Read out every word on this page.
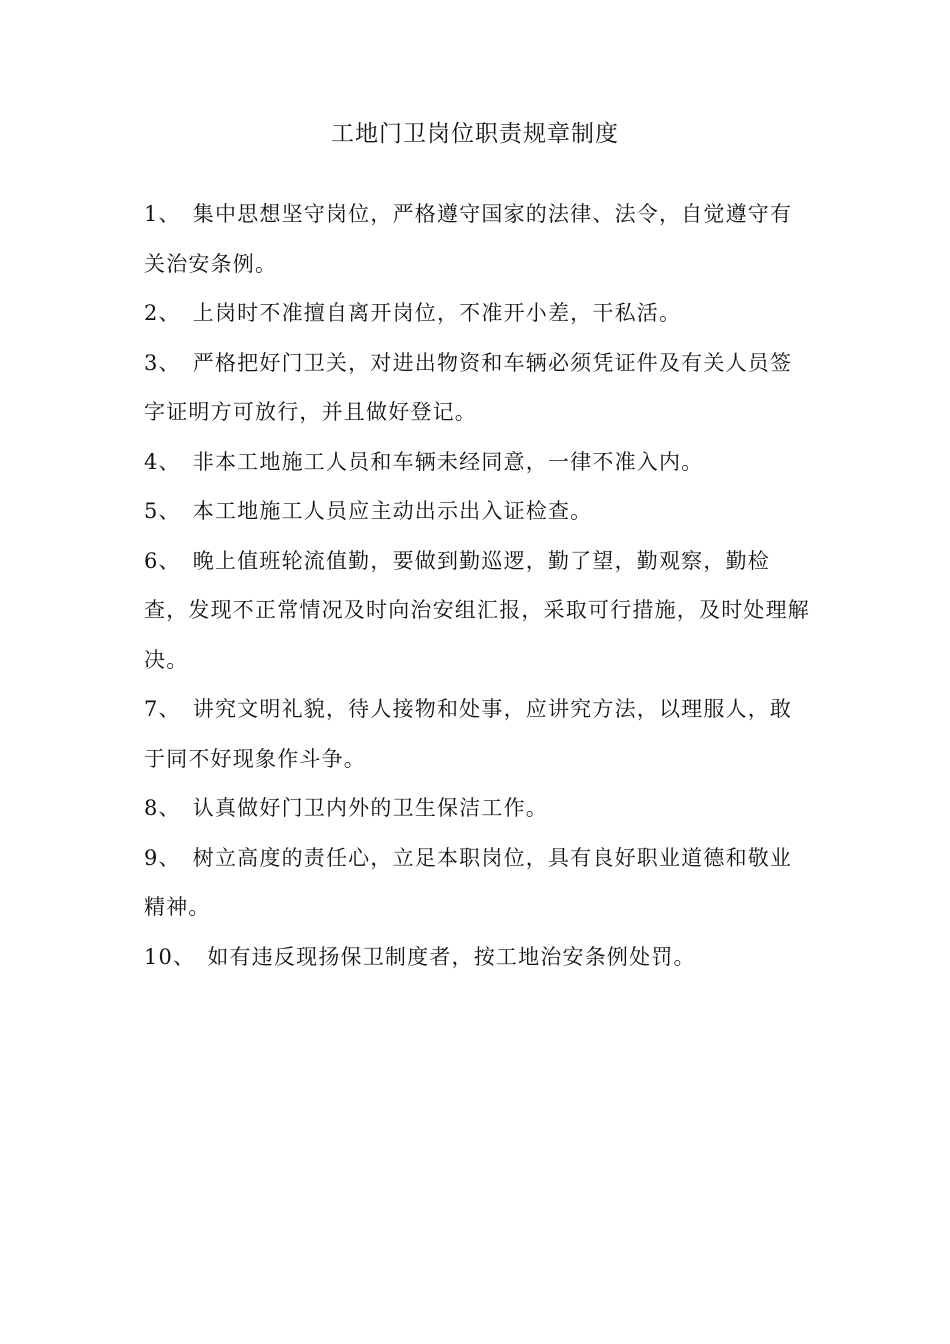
工地门卫岗位职责规章制度
1、 集中思想坚守岗位，严格遵守国家的法律、法令，自觉遵守有关治安条例。
2、 上岗时不准擅自离开岗位，不准开小差，干私活。
3、 严格把好门卫关，对进出物资和车辆必须凭证件及有关人员签字证明方可放行，并且做好登记。
4、 非本工地施工人员和车辆未经同意，一律不准入内。
5、 本工地施工人员应主动出示出入证检查。
6、 晚上值班轮流值勤，要做到勤巡逻，勤了望，勤观察，勤检查，发现不正常情况及时向治安组汇报，采取可行措施，及时处理解决。
7、 讲究文明礼貌，待人接物和处事，应讲究方法，以理服人，敢于同不好现象作斗争。
8、 认真做好门卫内外的卫生保洁工作。
9、 树立高度的责任心，立足本职岗位，具有良好职业道德和敬业精神。
10、 如有违反现扬保卫制度者，按工地治安条例处罚。
